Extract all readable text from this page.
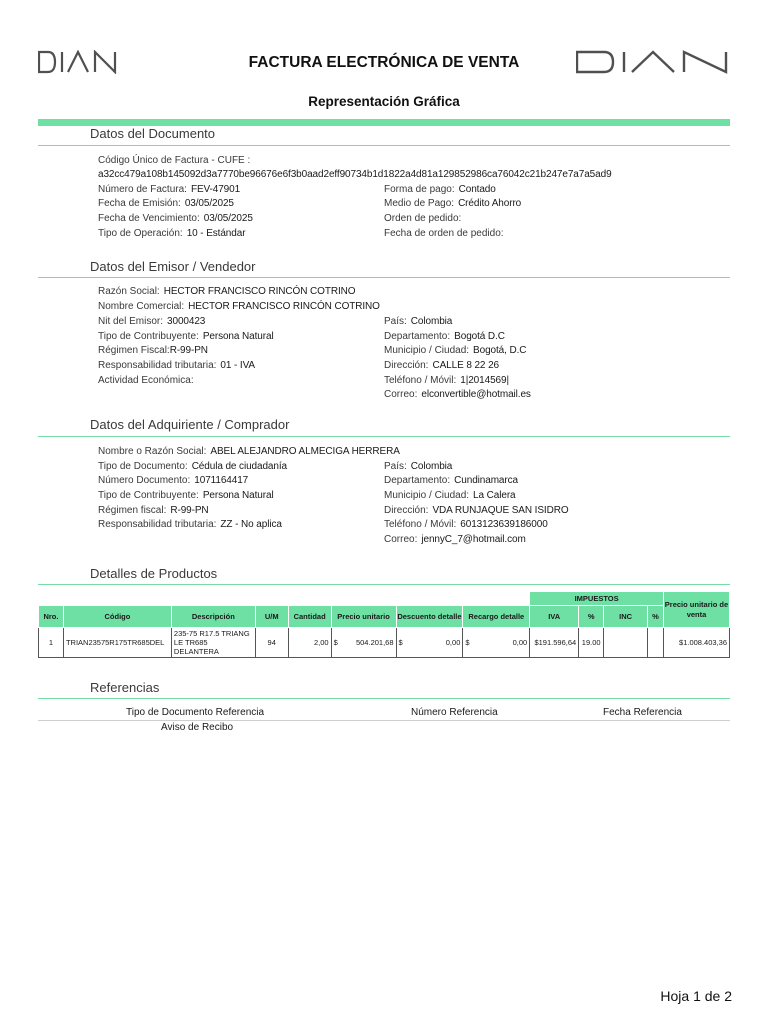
FACTURA ELECTRÓNICA DE VENTA
Representación Gráfica
Datos del Documento
Código Único de Factura - CUFE :
a32cc479a108b145092d3a7770be96676e6f3b0aad2eff90734b1d1822a4d81a129852986ca76042c21b247e7a7a5ad9
Número de Factura: FEV-47901
Fecha de Emisión: 03/05/2025
Fecha de Vencimiento: 03/05/2025
Tipo de Operación: 10 - Estándar
Forma de pago: Contado
Medio de Pago: Crédito Ahorro
Orden de pedido:
Fecha de orden de pedido:
Datos del Emisor / Vendedor
Razón Social: HECTOR FRANCISCO RINCÓN COTRINO
Nombre Comercial: HECTOR FRANCISCO RINCÓN COTRINO
Nit del Emisor: 3000423
Tipo de Contribuyente: Persona Natural
Régimen Fiscal:R-99-PN
Responsabilidad tributaria: 01 - IVA
Actividad Económica:
País: Colombia
Departamento: Bogotá D.C
Municipio / Ciudad: Bogotá, D.C
Dirección: CALLE 8 22 26
Teléfono / Móvil: 1|2014569|
Correo: elconvertible@hotmail.es
Datos del Adquiriente / Comprador
Nombre o Razón Social: ABEL ALEJANDRO ALMECIGA HERRERA
Tipo de Documento: Cédula de ciudadanía
Número Documento: 1071164417
Tipo de Contribuyente: Persona Natural
Régimen fiscal: R-99-PN
Responsabilidad tributaria: ZZ - No aplica
País: Colombia
Departamento: Cundinamarca
Municipio / Ciudad: La Calera
Dirección: VDA RUNJAQUE SAN ISIDRO
Teléfono / Móvil: 6013123639186000
Correo: jennyC_7@hotmail.com
Detalles de Productos
								IMPUESTOS				Precio unitario de venta
Nro.	Código	Descripción	U/M	Cantidad	Precio unitario	Descuento detalle	Recargo detalle	IVA	%	INC	%	
1	TRIAN23575R175TR685DEL	235-75 R17.5 TRIANG LE TR685 DELANTERA	94	2,00	$ 504.201,68	$ 0,00	$ 0,00	$191.596,64	19.00			$1.008.403,36
Referencias
Tipo de Documento Referencia	Número Referencia	Fecha Referencia
Aviso de Recibo
Hoja 1 de 2
